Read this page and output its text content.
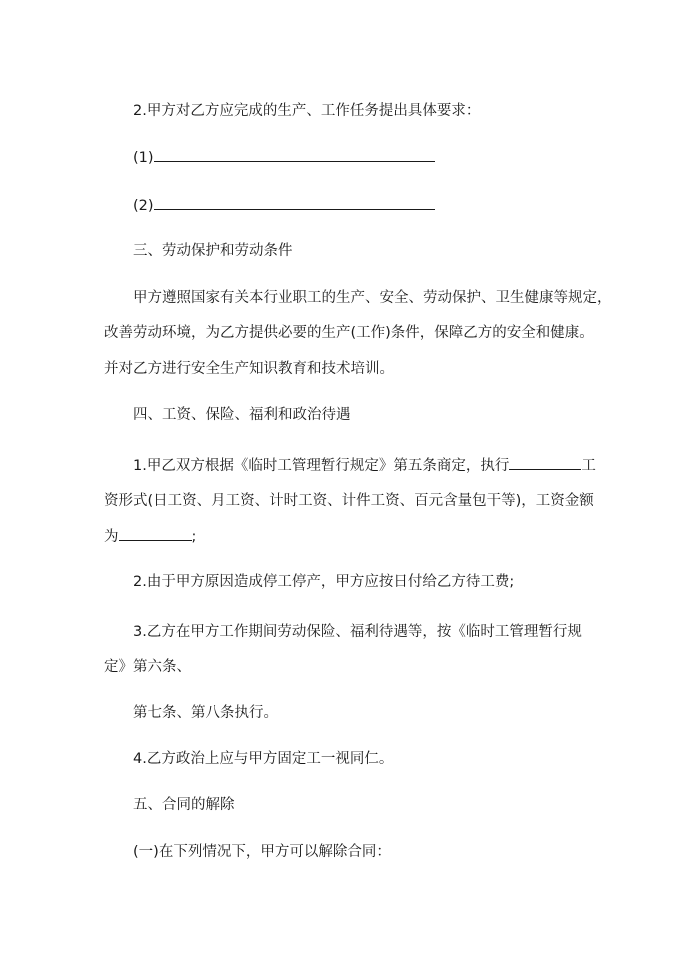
2.甲方对乙方应完成的生产、工作任务提出具体要求：
(1)
(2)
三、劳动保护和劳动条件
甲方遵照国家有关本行业职工的生产、安全、劳动保护、卫生健康等规定，
改善劳动环境，为乙方提供必要的生产(工作)条件，保障乙方的安全和健康。
并对乙方进行安全生产知识教育和技术培训。
四、工资、保险、福利和政治待遇
1.甲乙双方根据《临时工管理暂行规定》第五条商定，执行	工
资形式(日工资、月工资、计时工资、计件工资、百元含量包干等)，工资金额
为	;
2.由于甲方原因造成停工停产，甲方应按日付给乙方待工费;
3.乙方在甲方工作期间劳动保险、福利待遇等，按《临时工管理暂行规
定》第六条、
第七条、第八条执行。
4.乙方政治上应与甲方固定工一视同仁。
五、合同的解除
(一)在下列情况下，甲方可以解除合同：
